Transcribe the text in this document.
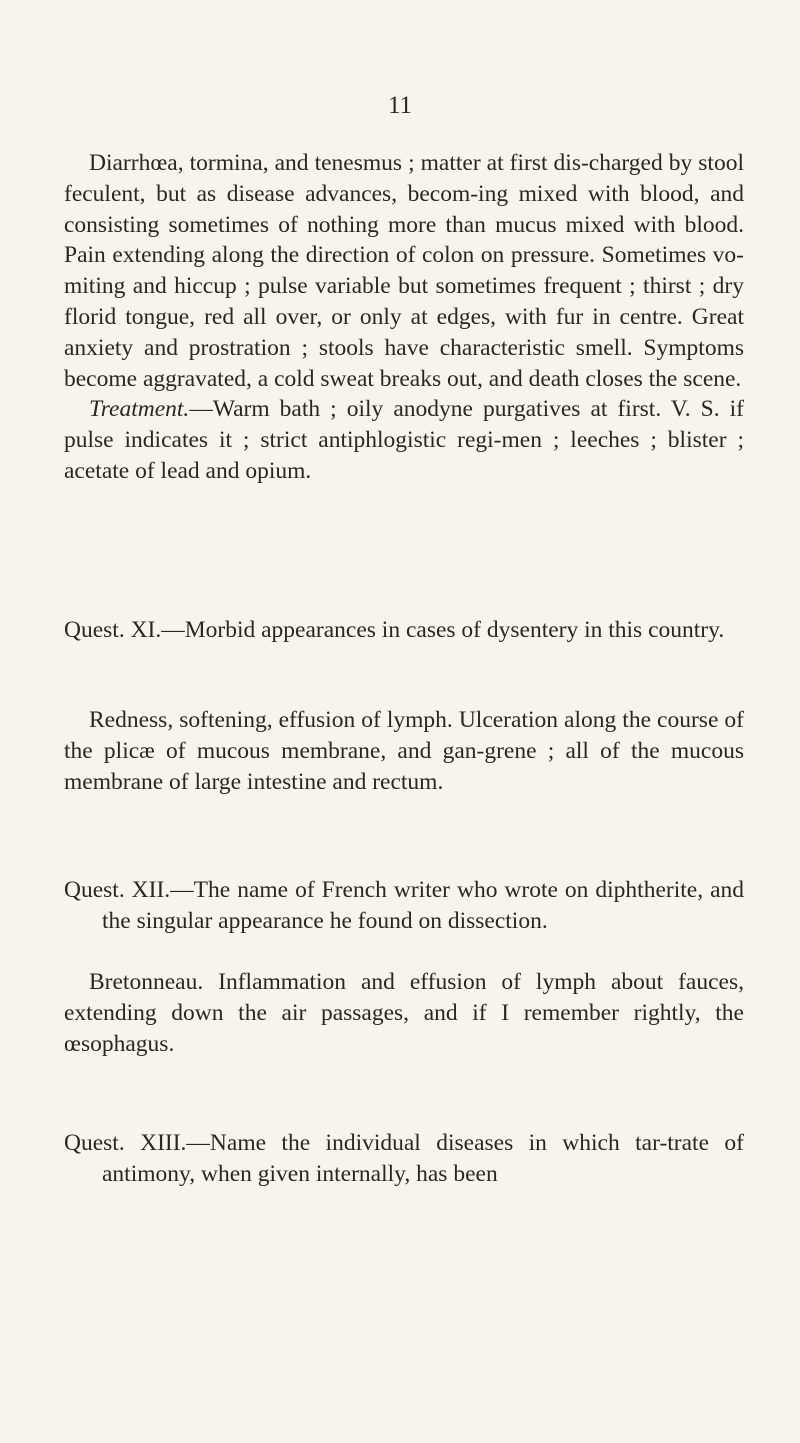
11

Diarrhœa, tormina, and tenesmus ; matter at first dis-charged by stool feculent, but as disease advances, becom-ing mixed with blood, and consisting sometimes of nothing more than mucus mixed with blood. Pain extending along the direction of colon on pressure. Sometimes vo-miting and hiccup ; pulse variable but sometimes frequent ; thirst ; dry florid tongue, red all over, or only at edges, with fur in centre. Great anxiety and prostration ; stools have characteristic smell. Symptoms become aggravated, a cold sweat breaks out, and death closes the scene.

Treatment.—Warm bath ; oily anodyne purgatives at first. V. S. if pulse indicates it ; strict antiphlogistic regi-men ; leeches ; blister ; acetate of lead and opium.

Quest. XI.—Morbid appearances in cases of dysentery in this country.

Redness, softening, effusion of lymph. Ulceration along the course of the plicæ of mucous membrane, and gan-grene ; all of the mucous membrane of large intestine and rectum.

Quest. XII.—The name of French writer who wrote on diphtherite, and the singular appearance he found on dissection.

Bretonneau. Inflammation and effusion of lymph about fauces, extending down the air passages, and if I remember rightly, the œsophagus.

Quest. XIII.—Name the individual diseases in which tar-trate of antimony, when given internally, has been
